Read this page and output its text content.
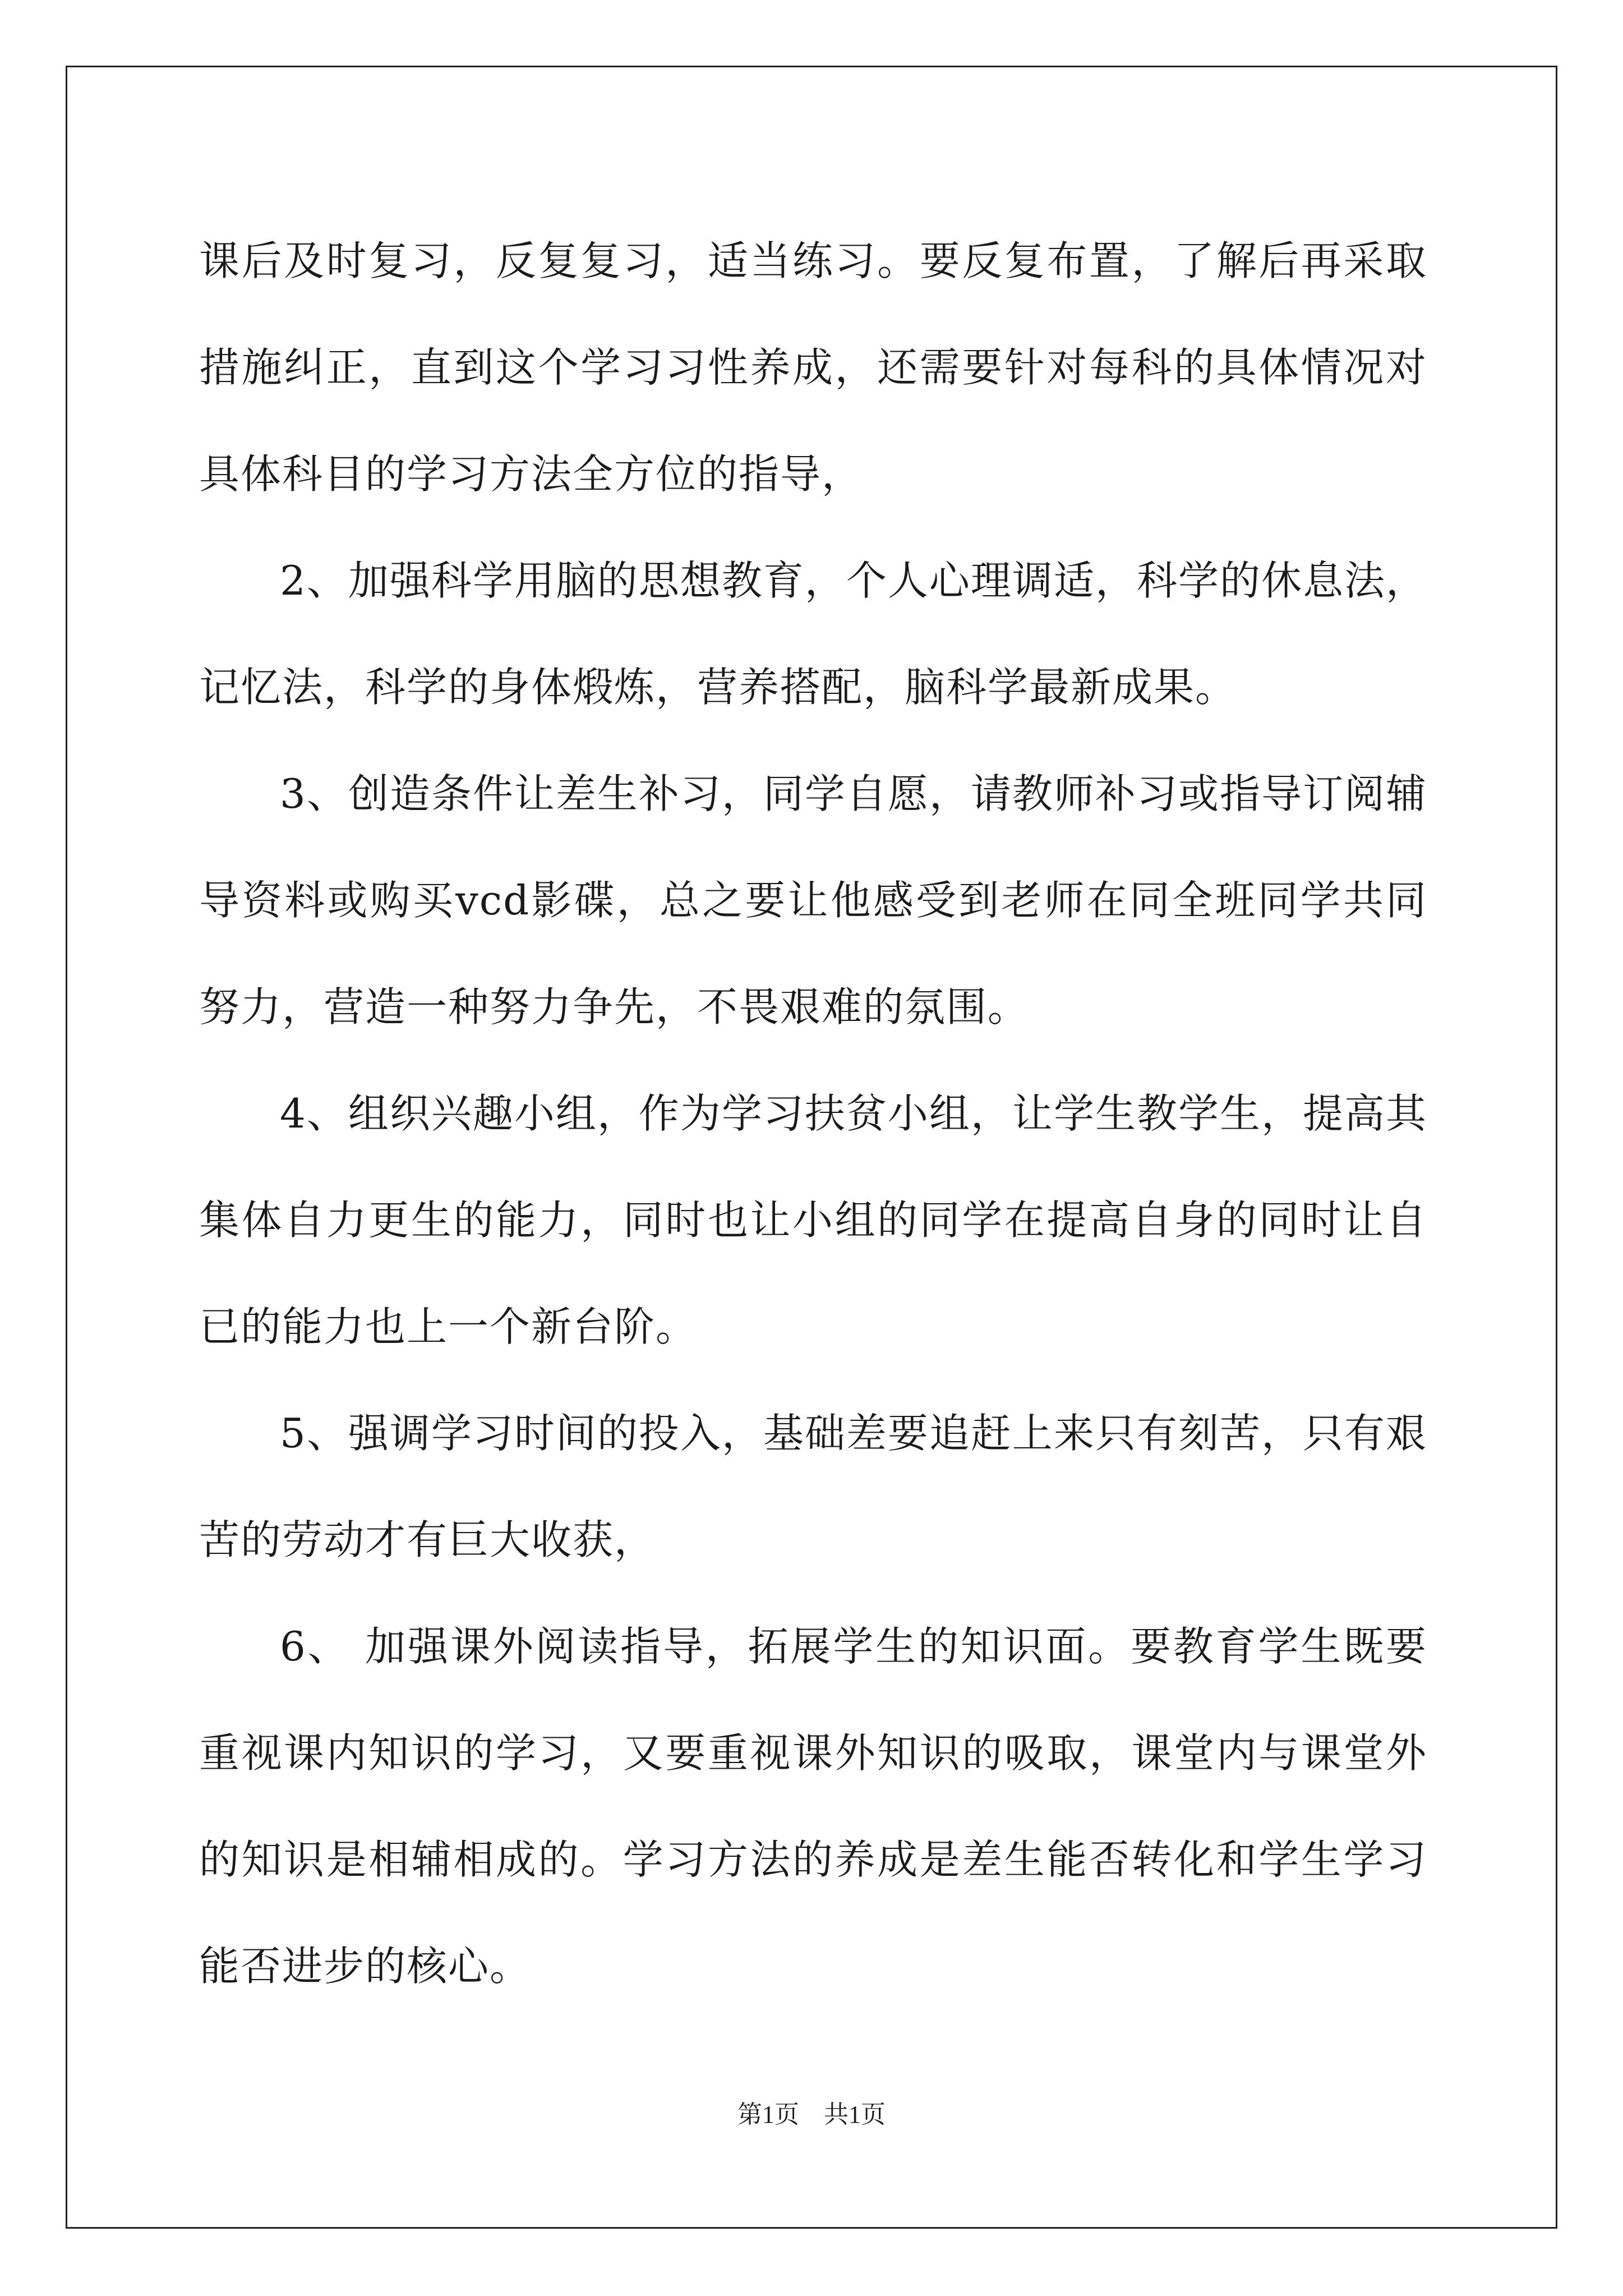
课后及时复习，反复复习，适当练习。要反复布置，了解后再采取措施纠正，直到这个学习习性养成，还需要针对每科的具体情况对具体科目的学习方法全方位的指导，

2、加强科学用脑的思想教育，个人心理调适，科学的休息法，记忆法，科学的身体煅炼，营养搭配，脑科学最新成果。

3、创造条件让差生补习，同学自愿，请教师补习或指导订阅辅导资料或购买vcd影碟，总之要让他感受到老师在同全班同学共同努力，营造一种努力争先，不畏艰难的氛围。

4、组织兴趣小组，作为学习扶贫小组，让学生教学生，提高其集体自力更生的能力，同时也让小组的同学在提高自身的同时让自已的能力也上一个新台阶。

5、强调学习时间的投入，基础差要追赶上来只有刻苦，只有艰苦的劳动才有巨大收获，

6、 加强课外阅读指导，拓展学生的知识面。要教育学生既要重视课内知识的学习，又要重视课外知识的吸取，课堂内与课堂外的知识是相辅相成的。学习方法的养成是差生能否转化和学生学习能否进步的核心。

第1页　共1页
